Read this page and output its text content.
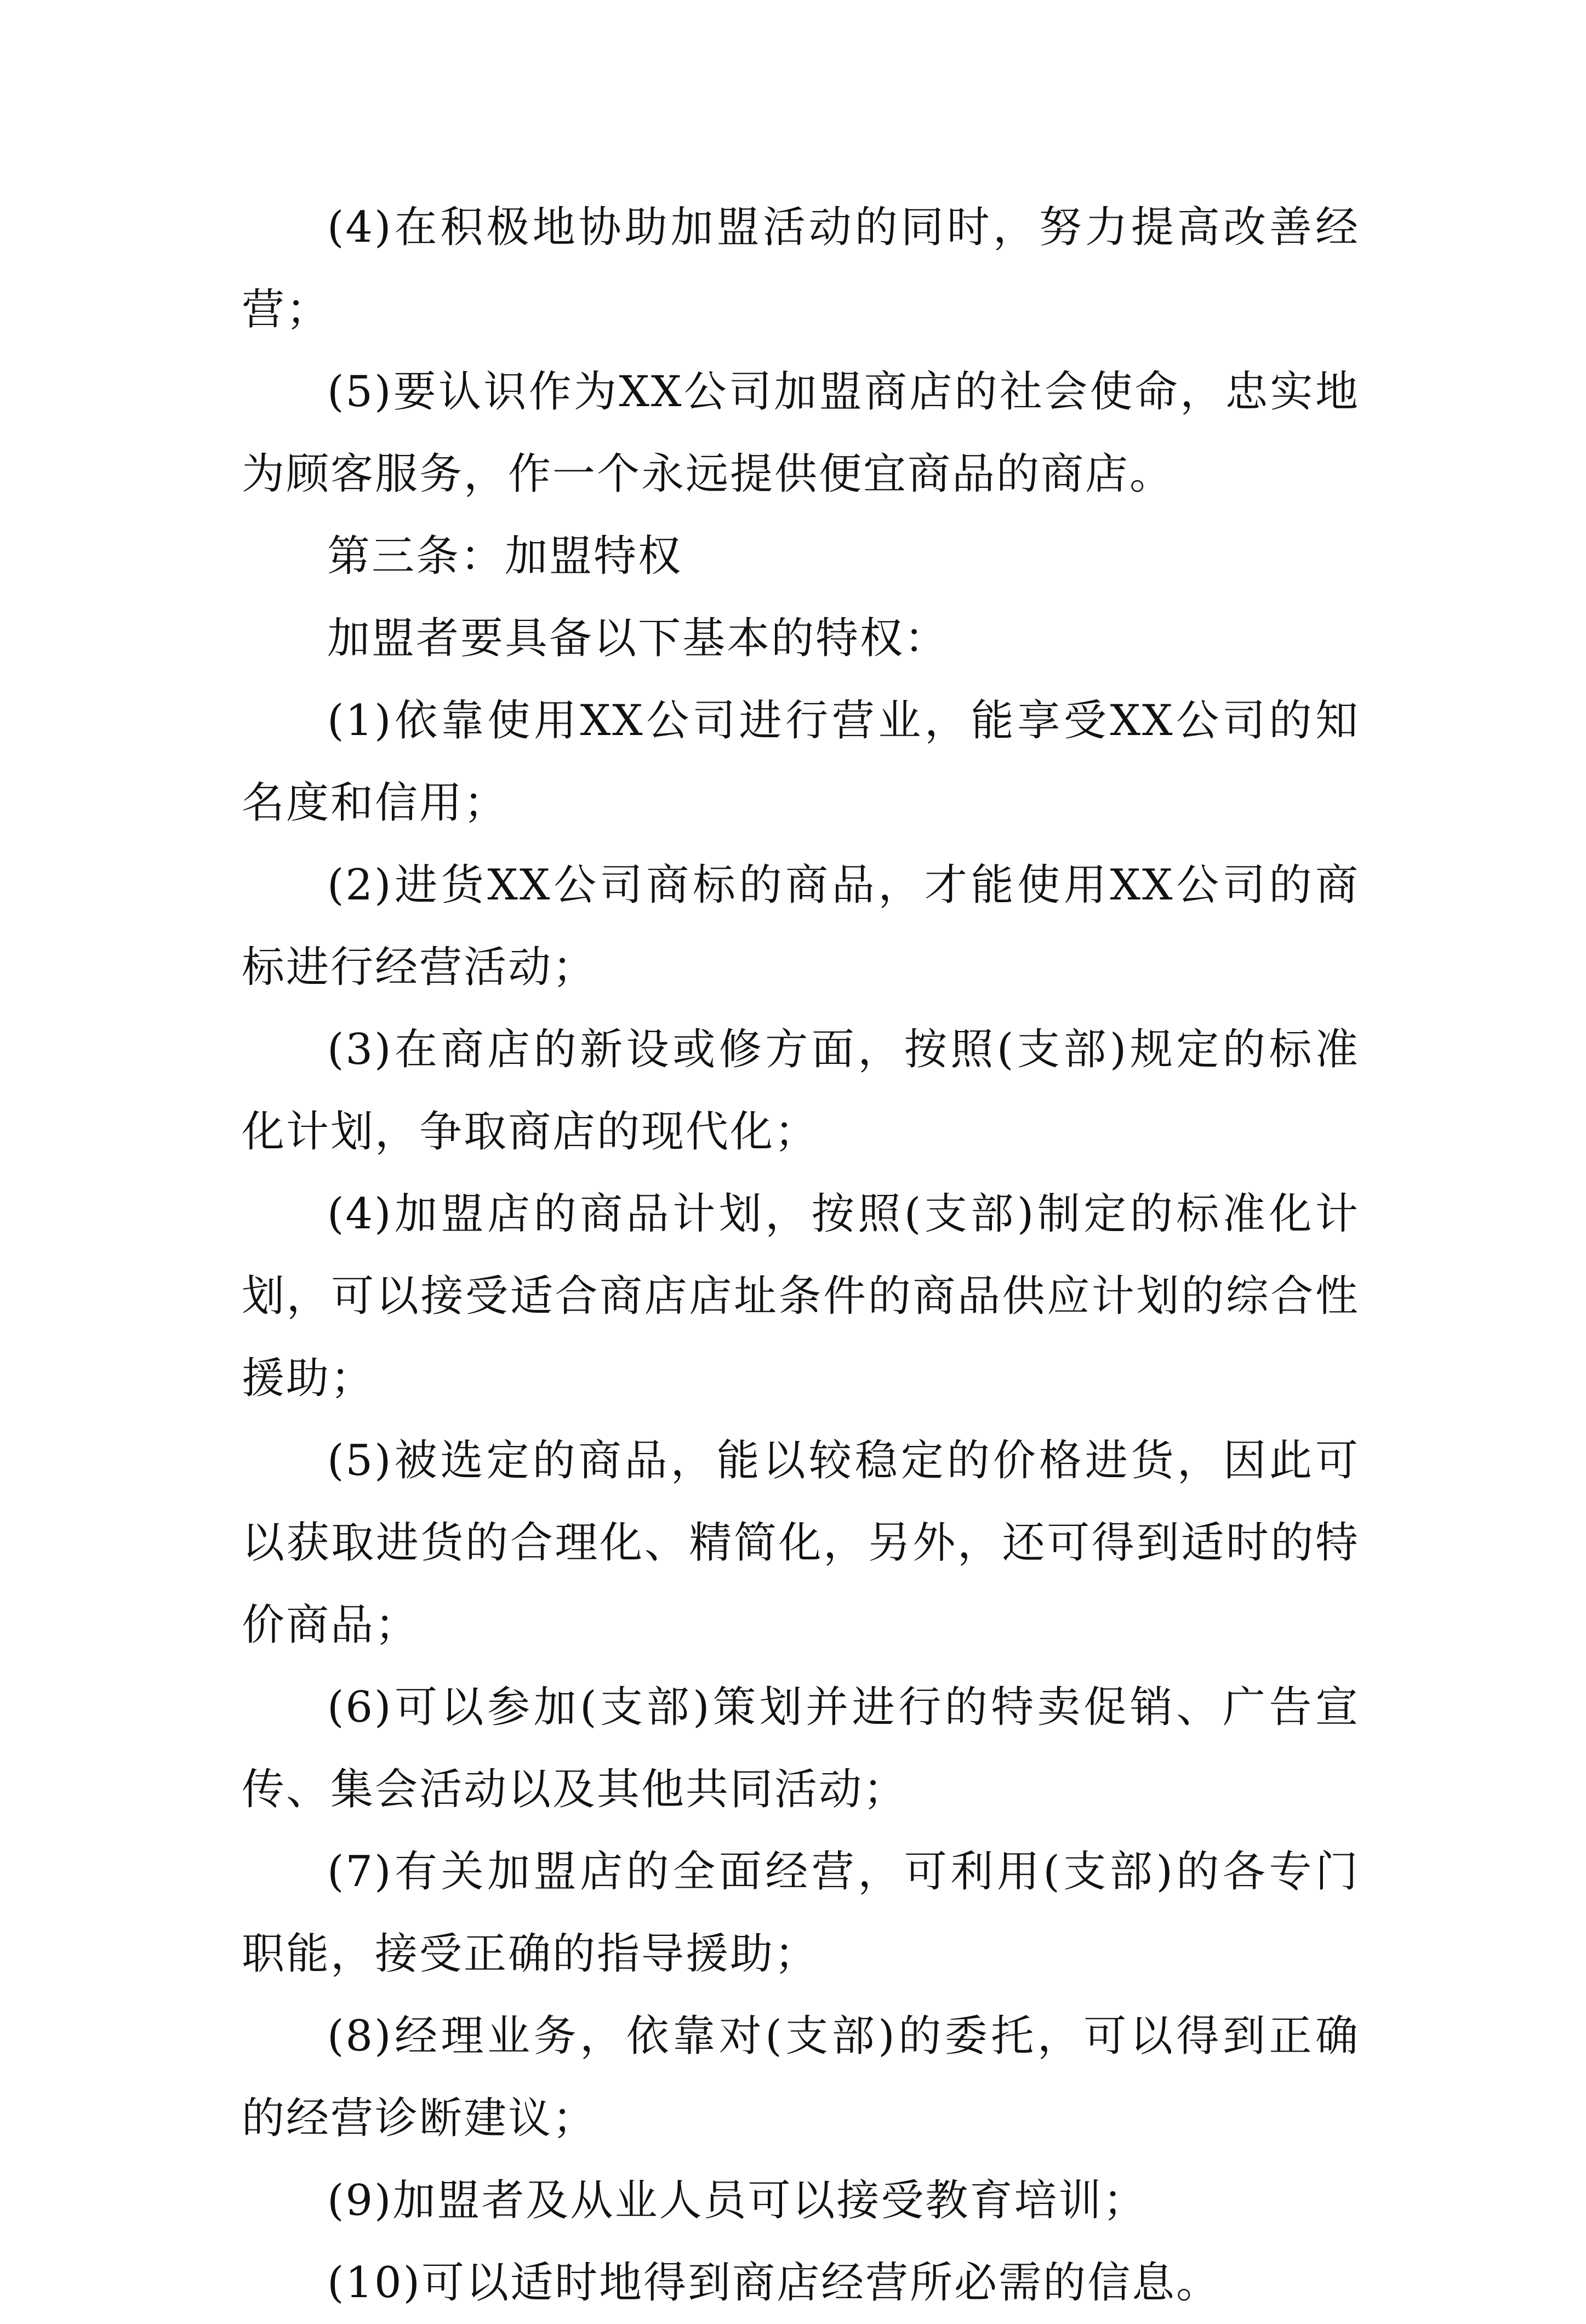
(4)在积极地协助加盟活动的同时，努力提高改善经营；

(5)要认识作为XX公司加盟商店的社会使命，忠实地为顾客服务，作一个永远提供便宜商品的商店。

第三条：加盟特权

加盟者要具备以下基本的特权：

(1)依靠使用XX公司进行营业，能享受XX公司的知名度和信用；

(2)进货XX公司商标的商品，才能使用XX公司的商标进行经营活动；

(3)在商店的新设或修方面，按照(支部)规定的标准化计划，争取商店的现代化；

(4)加盟店的商品计划，按照(支部)制定的标准化计划，可以接受适合商店店址条件的商品供应计划的综合性援助；

(5)被选定的商品，能以较稳定的价格进货，因此可以获取进货的合理化、精简化，另外，还可得到适时的特价商品；

(6)可以参加(支部)策划并进行的特卖促销、广告宣传、集会活动以及其他共同活动；

(7)有关加盟店的全面经营，可利用(支部)的各专门职能，接受正确的指导援助；

(8)经理业务，依靠对(支部)的委托，可以得到正确的经营诊断建议；

(9)加盟者及从业人员可以接受教育培训；

(10)可以适时地得到商店经营所必需的信息。
